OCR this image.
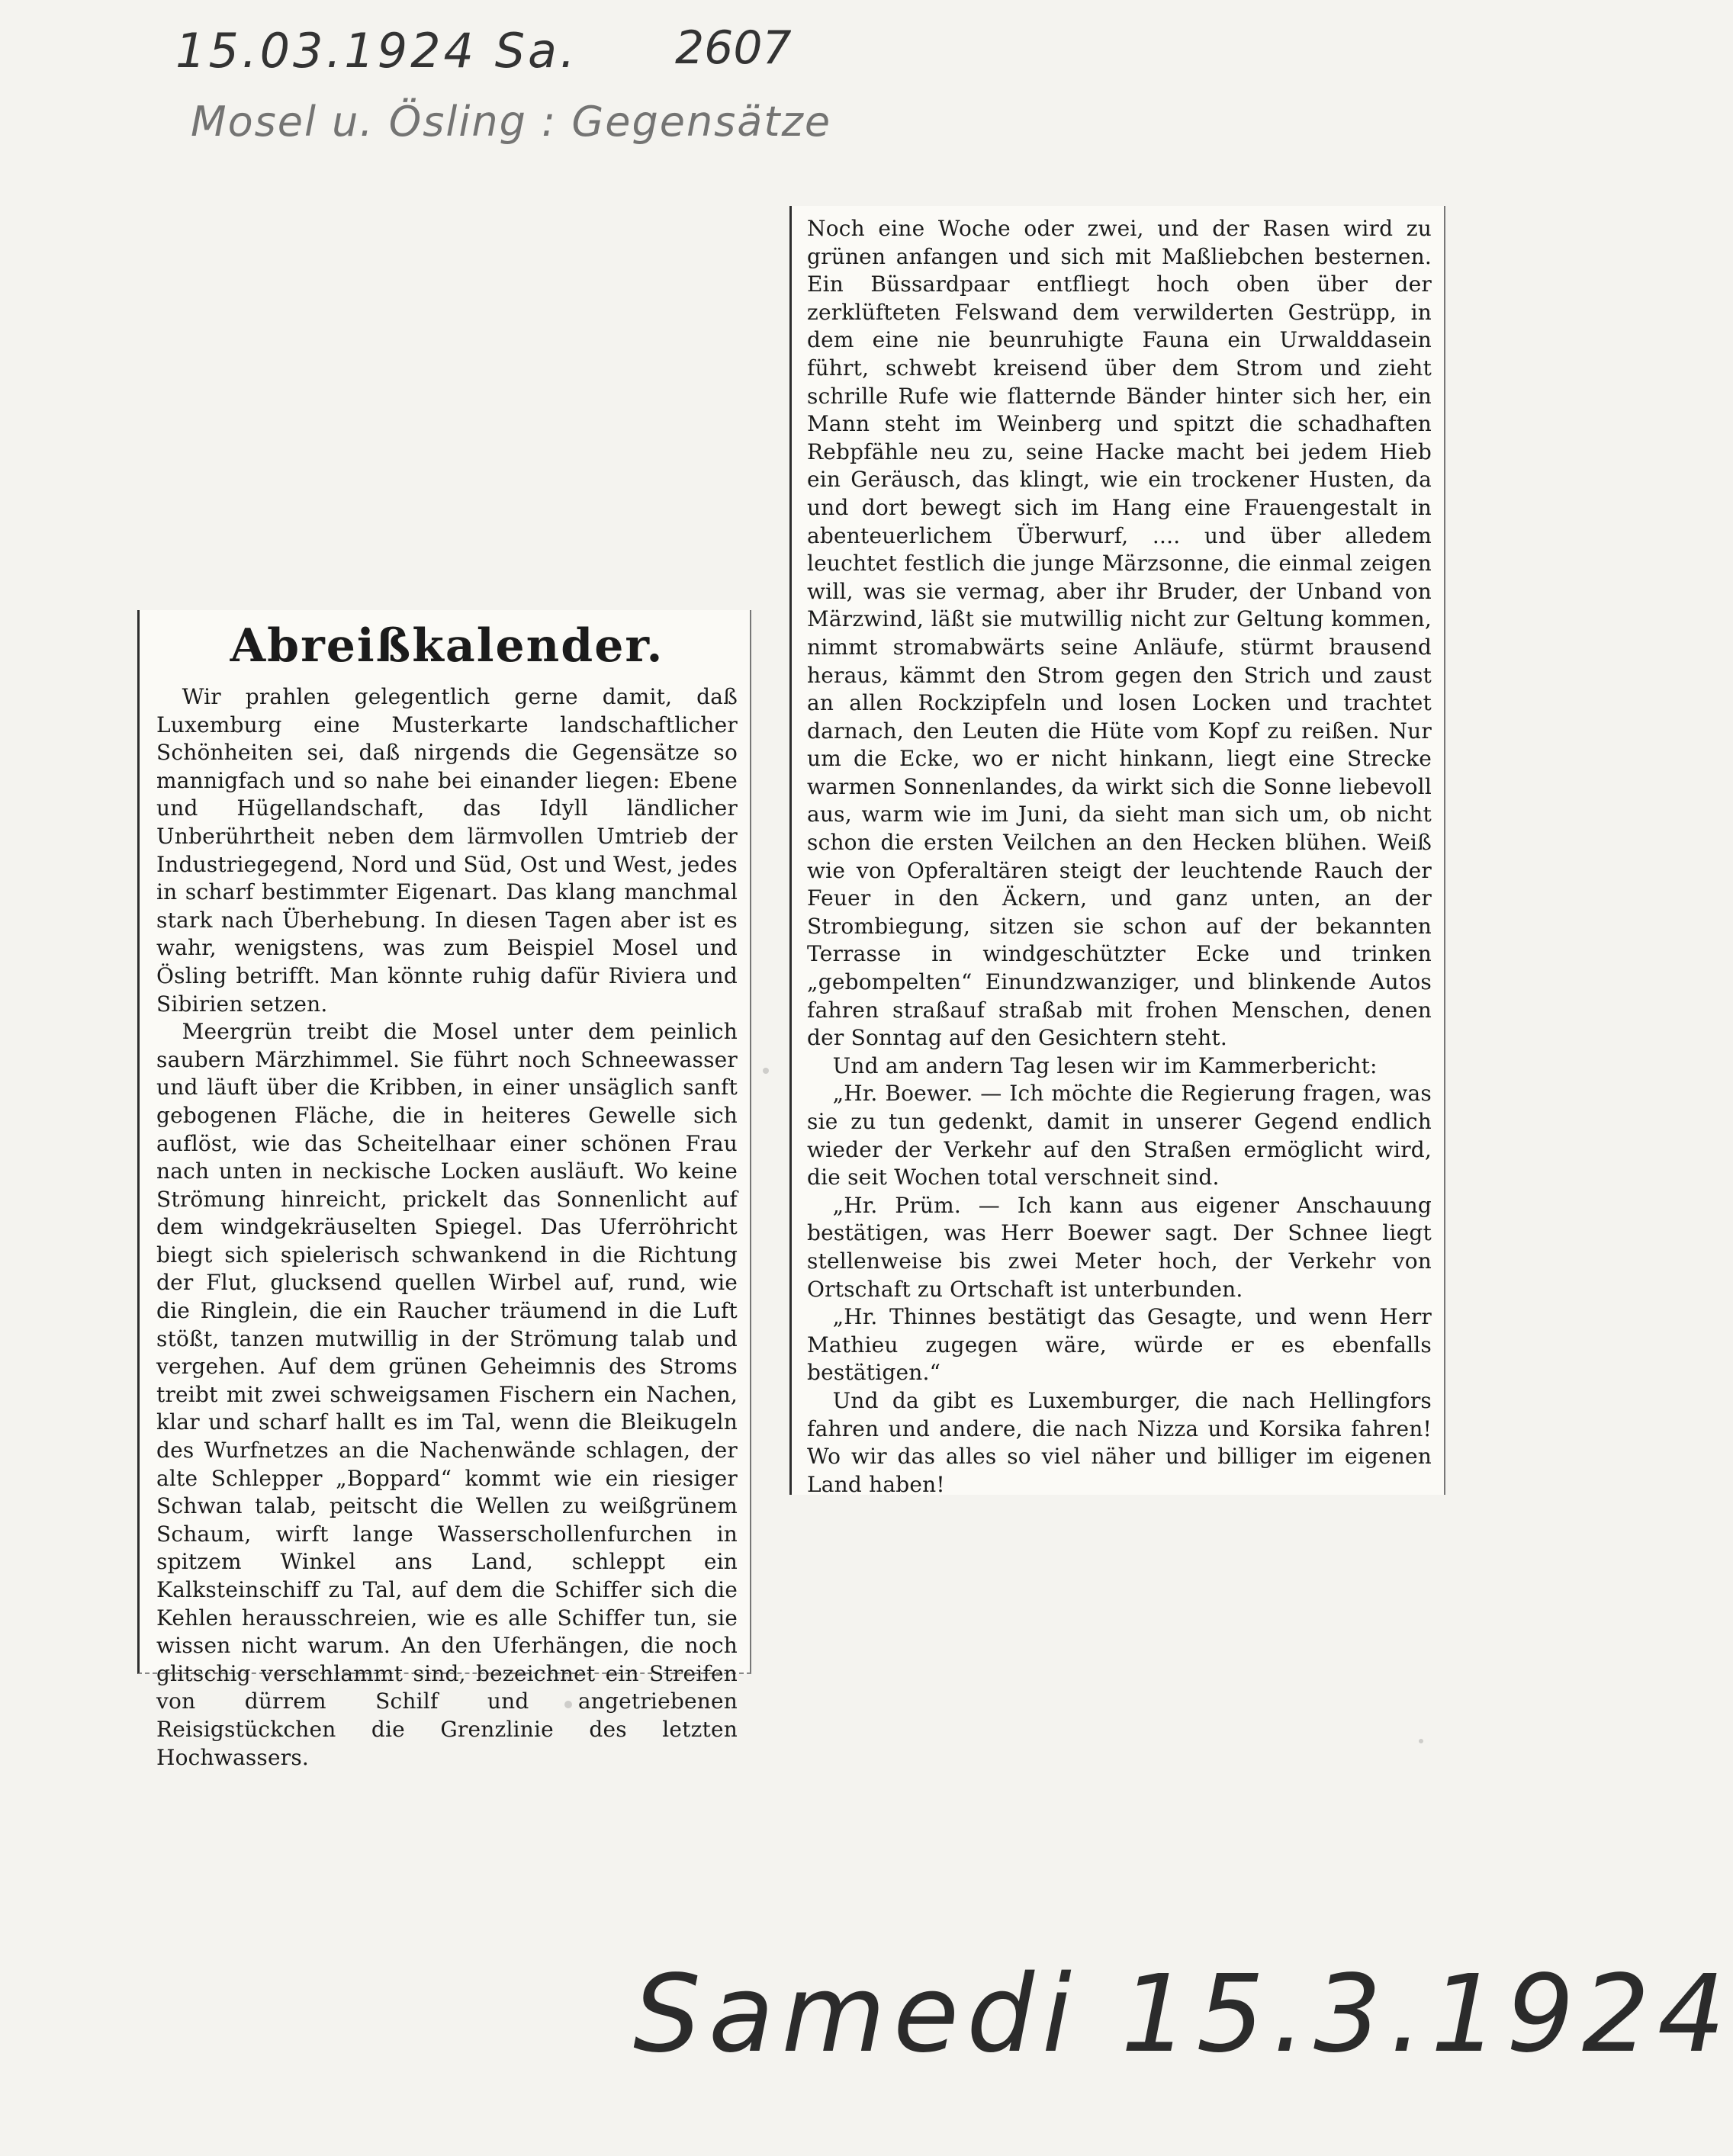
15.03.1924 Sa. 2607
Mosel u. Ösling : Gegensätze
Abreißkalender.

Wir prahlen gelegentlich gerne damit, daß Luxemburg eine Musterkarte landschaftlicher Schönheiten sei, daß nirgends die Gegensätze so mannigfach und so nahe bei einander liegen: Ebene und Hügellandschaft, das Idyll ländlicher Unberührtheit neben dem lärmvollen Umtrieb der Industriegegend, Nord und Süd, Ost und West, jedes in scharf bestimmter Eigenart. Das klang manchmal stark nach Überhebung. In diesen Tagen aber ist es wahr, wenigstens, was zum Beispiel Mosel und Ösling betrifft. Man könnte ruhig dafür Riviera und Sibirien setzen.

Meergrün treibt die Mosel unter dem peinlich saubern Märzhimmel. Sie führt noch Schneewasser und läuft über die Kribben, in einer unsäglich sanft gebogenen Fläche, die in heiteres Gewelle sich auflöst, wie das Scheitelhaar einer schönen Frau nach unten in neckische Locken ausläuft. Wo keine Strömung hinreicht, prickelt das Sonnenlicht auf dem windgekräuselten Spiegel. Das Uferröhricht biegt sich spielerisch schwankend in die Richtung der Flut, glucksend quellen Wirbel auf, rund, wie die Ringlein, die ein Raucher träumend in die Luft stößt, tanzen mutwillig in der Strömung talab und vergehen. Auf dem grünen Geheimnis des Stroms treibt mit zwei schweigsamen Fischern ein Nachen, klar und scharf hallt es im Tal, wenn die Bleikugeln des Wurfnetzes an die Nachenwände schlagen, der alte Schlepper „Boppard“ kommt wie ein riesiger Schwan talab, peitscht die Wellen zu weißgrünem Schaum, wirft lange Wasserschollenfurchen in spitzem Winkel ans Land, schleppt ein Kalksteinschiff zu Tal, auf dem die Schiffer sich die Kehlen herausschreien, wie es alle Schiffer tun, sie wissen nicht warum. An den Uferhängen, die noch glitschig verschlammt sind, bezeichnet ein Streifen von dürrem Schilf und angetriebenen Reisigstückchen die Grenzlinie des letzten Hochwassers.

Noch eine Woche oder zwei, und der Rasen wird zu grünen anfangen und sich mit Maßliebchen besternen. Ein Büssardpaar entfliegt hoch oben über der zerklüfteten Felswand dem verwilderten Gestrüpp, in dem eine nie beunruhigte Fauna ein Urwalddasein führt, schwebt kreisend über dem Strom und zieht schrille Rufe wie flatternde Bänder hinter sich her, ein Mann steht im Weinberg und spitzt die schadhaften Rebpfähle neu zu, seine Hacke macht bei jedem Hieb ein Geräusch, das klingt, wie ein trockener Husten, da und dort bewegt sich im Hang eine Frauengestalt in abenteuerlichem Überwurf, .... und über alledem leuchtet festlich die junge Märzsonne, die einmal zeigen will, was sie vermag, aber ihr Bruder, der Unband von Märzwind, läßt sie mutwillig nicht zur Geltung kommen, nimmt stromabwärts seine Anläufe, stürmt brausend heraus, kämmt den Strom gegen den Strich und zaust an allen Rockzipfeln und losen Locken und trachtet darnach, den Leuten die Hüte vom Kopf zu reißen. Nur um die Ecke, wo er nicht hinkann, liegt eine Strecke warmen Sonnenlandes, da wirkt sich die Sonne liebevoll aus, warm wie im Juni, da sieht man sich um, ob nicht schon die ersten Veilchen an den Hecken blühen. Weiß wie von Opferaltären steigt der leuchtende Rauch der Feuer in den Äckern, und ganz unten, an der Strombiegung, sitzen sie schon auf der bekannten Terrasse in windgeschützter Ecke und trinken „gebompelten“ Einundzwanziger, und blinkende Autos fahren straßauf straßab mit frohen Menschen, denen der Sonntag auf den Gesichtern steht.

Und am andern Tag lesen wir im Kammerbericht:

„Hr. Boewer. — Ich möchte die Regierung fragen, was sie zu tun gedenkt, damit in unserer Gegend endlich wieder der Verkehr auf den Straßen ermöglicht wird, die seit Wochen total verschneit sind.

„Hr. Prüm. — Ich kann aus eigener Anschauung bestätigen, was Herr Boewer sagt. Der Schnee liegt stellenweise bis zwei Meter hoch, der Verkehr von Ortschaft zu Ortschaft ist unterbunden.

„Hr. Thinnes bestätigt das Gesagte, und wenn Herr Mathieu zugegen wäre, würde er es ebenfalls bestätigen.“

Und da gibt es Luxemburger, die nach Hellingfors fahren und andere, die nach Nizza und Korsika fahren! Wo wir das alles so viel näher und billiger im eigenen Land haben!

Samedi 15.3.1924
